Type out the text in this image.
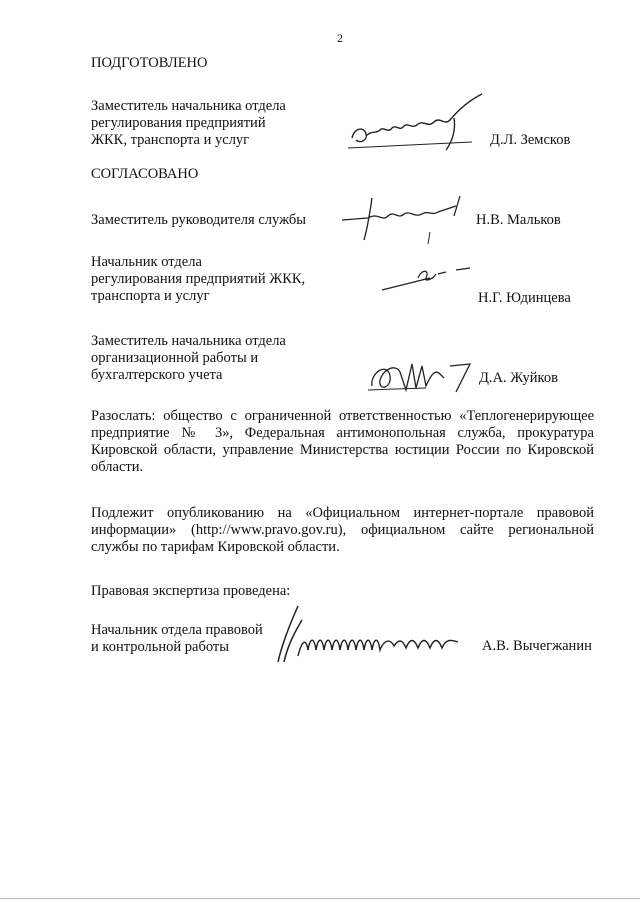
2
ПОДГОТОВЛЕНО
Заместитель начальника отдела
регулирования предприятий
ЖКК, транспорта и услуг	Д.Л. Земсков
СОГЛАСОВАНО
Заместитель руководителя службы	Н.В. Мальков
Начальник отдела
регулирования предприятий ЖКК,
транспорта и услуг	Н.Г. Юдинцева
Заместитель начальника отдела
организационной работы и
бухгалтерского учета	Д.А. Жуйков
Разослать: общество с ограниченной ответственностью «Теплогенерирующее предприятие № 3», Федеральная антимонопольная служба, прокуратура Кировской области, управление Министерства юстиции России по Кировской области.
Подлежит опубликованию на «Официальном интернет-портале правовой информации» (http://www.pravo.gov.ru), официальном сайте региональной службы по тарифам Кировской области.
Правовая экспертиза проведена:
Начальник отдела правовой
и контрольной работы	А.В. Вычегжанин
